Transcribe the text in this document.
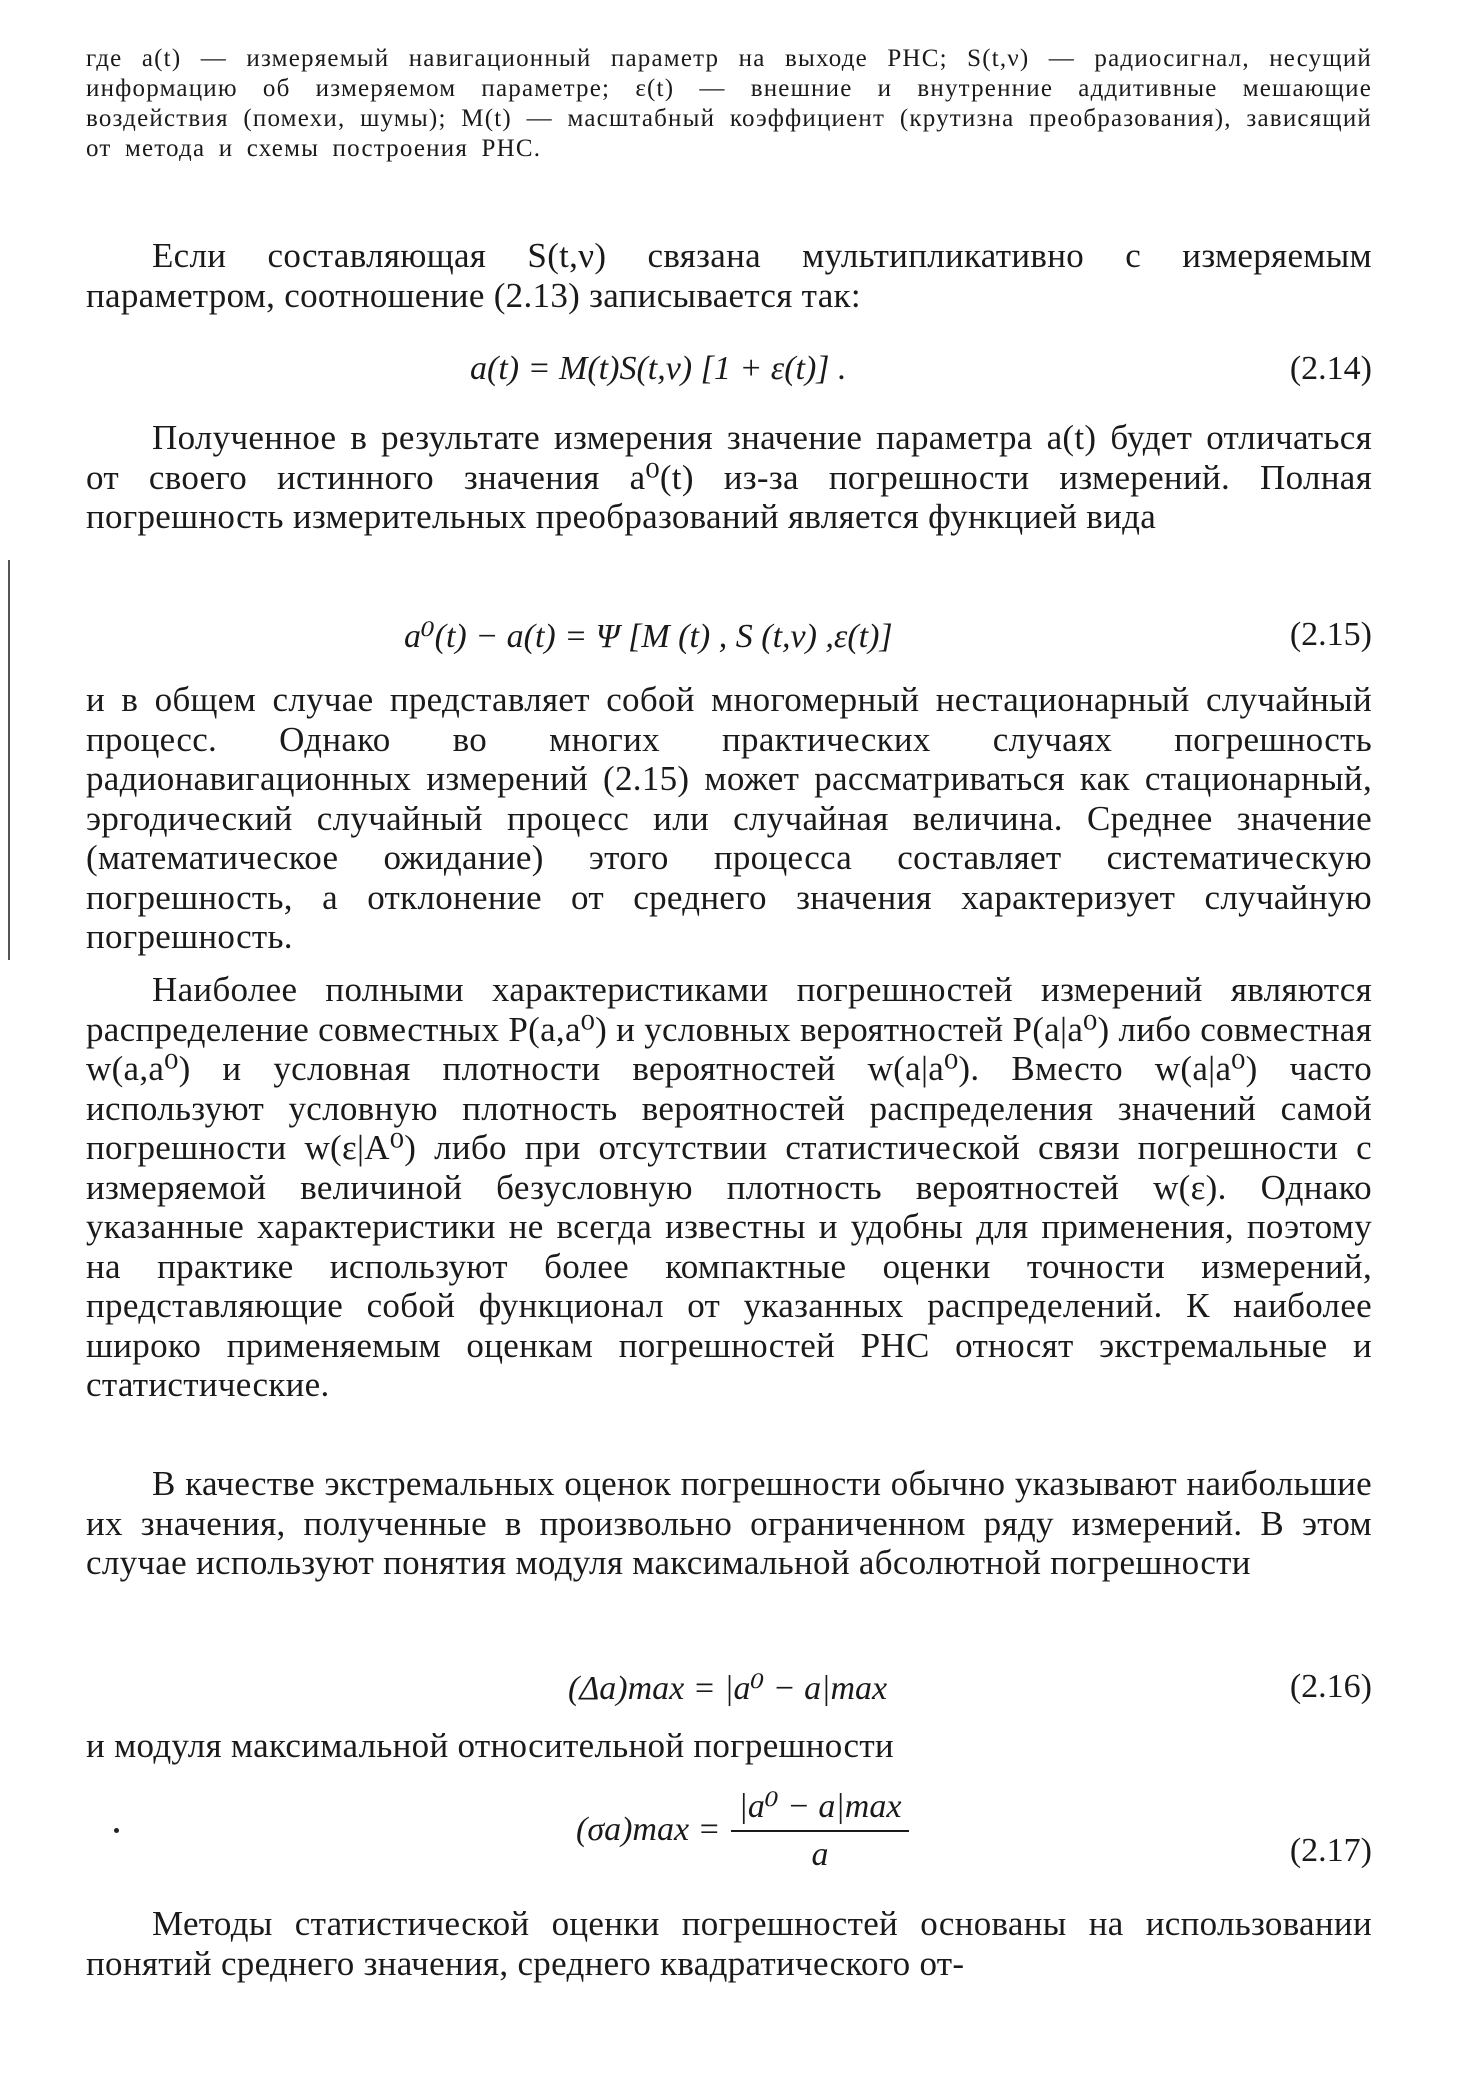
где a(t) — измеряемый навигационный параметр на выходе РНС; S(t,ν) — радиосигнал, несущий информацию об измеряемом параметре; ε(t) — внешние и внутренние аддитивные мешающие воздействия (помехи, шумы); M(t) — масштабный коэффициент (крутизна преобразования), зависящий от метода и схемы построения РНС.

Если составляющая S(t,ν) связана мультипликативно с измеряемым параметром, соотношение (2.13) записывается так:

a(t) = M(t)S(t,ν) [1 + ε(t)] .	(2.14)

Полученное в результате измерения значение параметра a(t) будет отличаться от своего истинного значения a⁰(t) из-за погрешности измерений. Полная погрешность измерительных преобразований является функцией вида

a⁰(t) − a(t) = Ψ [M (t) , S (t,ν) ,ε(t)]	(2.15)

и в общем случае представляет собой многомерный нестационарный случайный процесс. Однако во многих практических случаях погрешность радионавигационных измерений (2.15) может рассматриваться как стационарный, эргодический случайный процесс или случайная величина. Среднее значение (математическое ожидание) этого процесса составляет систематическую погрешность, а отклонение от среднего значения характеризует случайную погрешность.

Наиболее полными характеристиками погрешностей измерений являются распределение совместных P(a,a⁰) и условных вероятностей P(a|a⁰) либо совместная w(a,a⁰) и условная плотности вероятностей w(a|a⁰). Вместо w(a|a⁰) часто используют условную плотность вероятностей распределения значений самой погрешности w(ε|A⁰) либо при отсутствии статистической связи погрешности с измеряемой величиной безусловную плотность вероятностей w(ε). Однако указанные характеристики не всегда известны и удобны для применения, поэтому на практике используют более компактные оценки точности измерений, представляющие собой функционал от указанных распределений. К наиболее широко применяемым оценкам погрешностей РНС относят экстремальные и статистические.

В качестве экстремальных оценок погрешности обычно указывают наибольшие их значения, полученные в произвольно ограниченном ряду измерений. В этом случае используют понятия модуля максимальной абсолютной погрешности

(Δa)max = |a⁰ − a|max	(2.16)

и модуля максимальной относительной погрешности

$(\sigma a)\max = \frac{\text{|a⁰ − a|max}}{a}$	(2.17)

Методы статистической оценки погрешностей основаны на использовании понятий среднего значения, среднего квадратического от-
